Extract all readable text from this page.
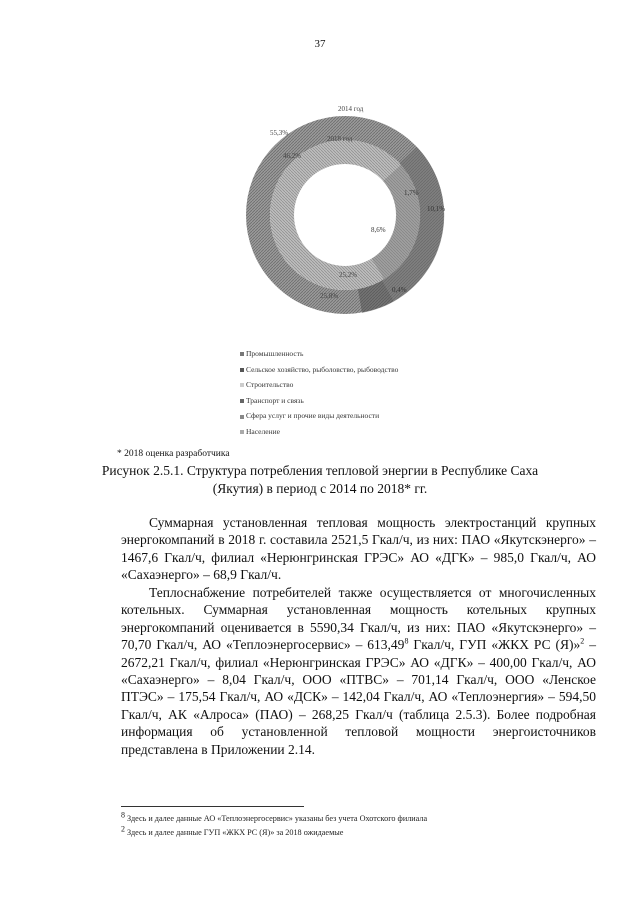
37
2014 год
2018 год
55,3%
46,2%
1,7%
10,1%
8,6%
0,4%
25,2%
25,8%
Промышленность
Сельское хозяйство, рыболовство, рыбоводство
Строительство
Транспорт и связь
Сфера услуг и прочие виды деятельности
Население
* 2018 оценка разработчика
Рисунок 2.5.1. Структура потребления тепловой энергии в Республике Саха
(Якутия) в период с 2014 по 2018* гг.

Суммарная установленная тепловая мощность электростанций крупных энергокомпаний в 2018 г. составила 2521,5 Гкал/ч, из них: ПАО «Якутскэнерго» – 1467,6 Гкал/ч, филиал «Нерюнгринская ГРЭС» АО «ДГК» – 985,0 Гкал/ч, АО «Сахаэнерго» – 68,9 Гкал/ч.

Теплоснабжение потребителей также осуществляется от многочисленных котельных. Суммарная установленная мощность котельных крупных энергокомпаний оценивается в 5590,34 Гкал/ч, из них: ПАО «Якутскэнерго» – 70,70 Гкал/ч, АО «Теплоэнергосервис» – 613,49$^8$ Гкал/ч, ГУП «ЖКХ РС (Я)»$^2$ – 2672,21 Гкал/ч, филиал «Нерюнгринская ГРЭС» АО «ДГК» – 400,00 Гкал/ч, АО «Сахаэнерго» – 8,04 Гкал/ч, ООО «ПТВС» – 701,14 Гкал/ч, ООО «Ленское ПТЭС» – 175,54 Гкал/ч, АО «ДСК» – 142,04 Гкал/ч, АО «Теплоэнергия» – 594,50 Гкал/ч, АК «Алроса» (ПАО) – 268,25 Гкал/ч (таблица 2.5.3). Более подробная информация об установленной тепловой мощности энергоисточников представлена в Приложении 2.14.

$^8$ Здесь и далее данные АО «Теплоэнергосервис» указаны без учета Охотского филиала
$^2$ Здесь и далее данные ГУП «ЖКХ РС (Я)» за 2018 ожидаемые
